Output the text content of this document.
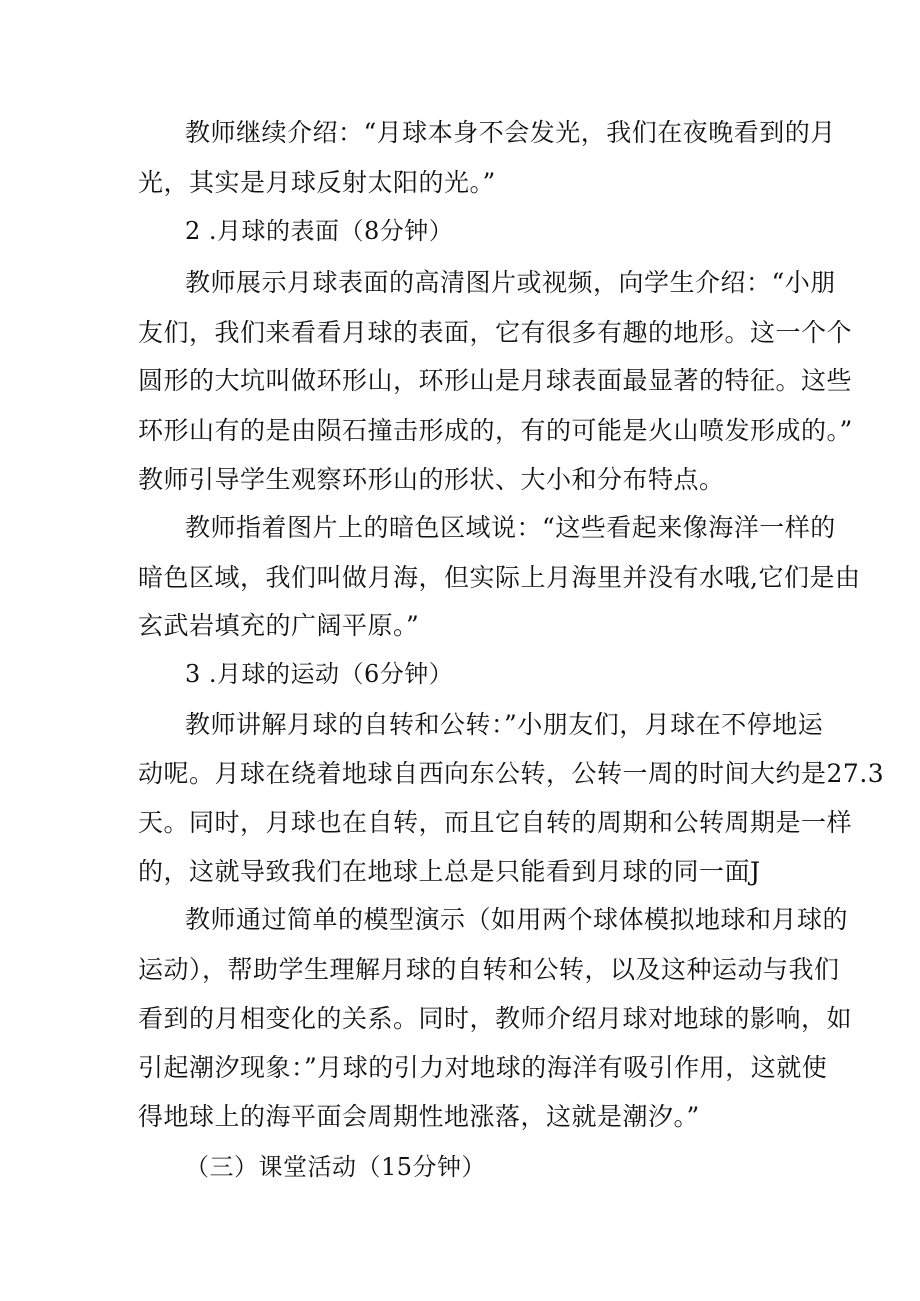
教师继续介绍：“月球本身不会发光，我们在夜晚看到的月

光，其实是月球反射太阳的光。”

2 .月球的表面（8分钟）

教师展示月球表面的高清图片或视频，向学生介绍：“小朋

友们，我们来看看月球的表面，它有很多有趣的地形。这一个个

圆形的大坑叫做环形山，环形山是月球表面最显著的特征。这些

环形山有的是由陨石撞击形成的，有的可能是火山喷发形成的。”

教师引导学生观察环形山的形状、大小和分布特点。

教师指着图片上的暗色区域说：“这些看起来像海洋一样的

暗色区域，我们叫做月海，但实际上月海里并没有水哦,它们是由

玄武岩填充的广阔平原。”

3 .月球的运动（6分钟）

教师讲解月球的自转和公转：”小朋友们，月球在不停地运

动呢。月球在绕着地球自西向东公转，公转一周的时间大约是27.3

天。同时，月球也在自转，而且它自转的周期和公转周期是一样

的，这就导致我们在地球上总是只能看到月球的同一面J

教师通过简单的模型演示（如用两个球体模拟地球和月球的

运动），帮助学生理解月球的自转和公转，以及这种运动与我们

看到的月相变化的关系。同时，教师介绍月球对地球的影响，如

引起潮汐现象：”月球的引力对地球的海洋有吸引作用，这就使

得地球上的海平面会周期性地涨落，这就是潮汐。”

（三）课堂活动（15分钟）
